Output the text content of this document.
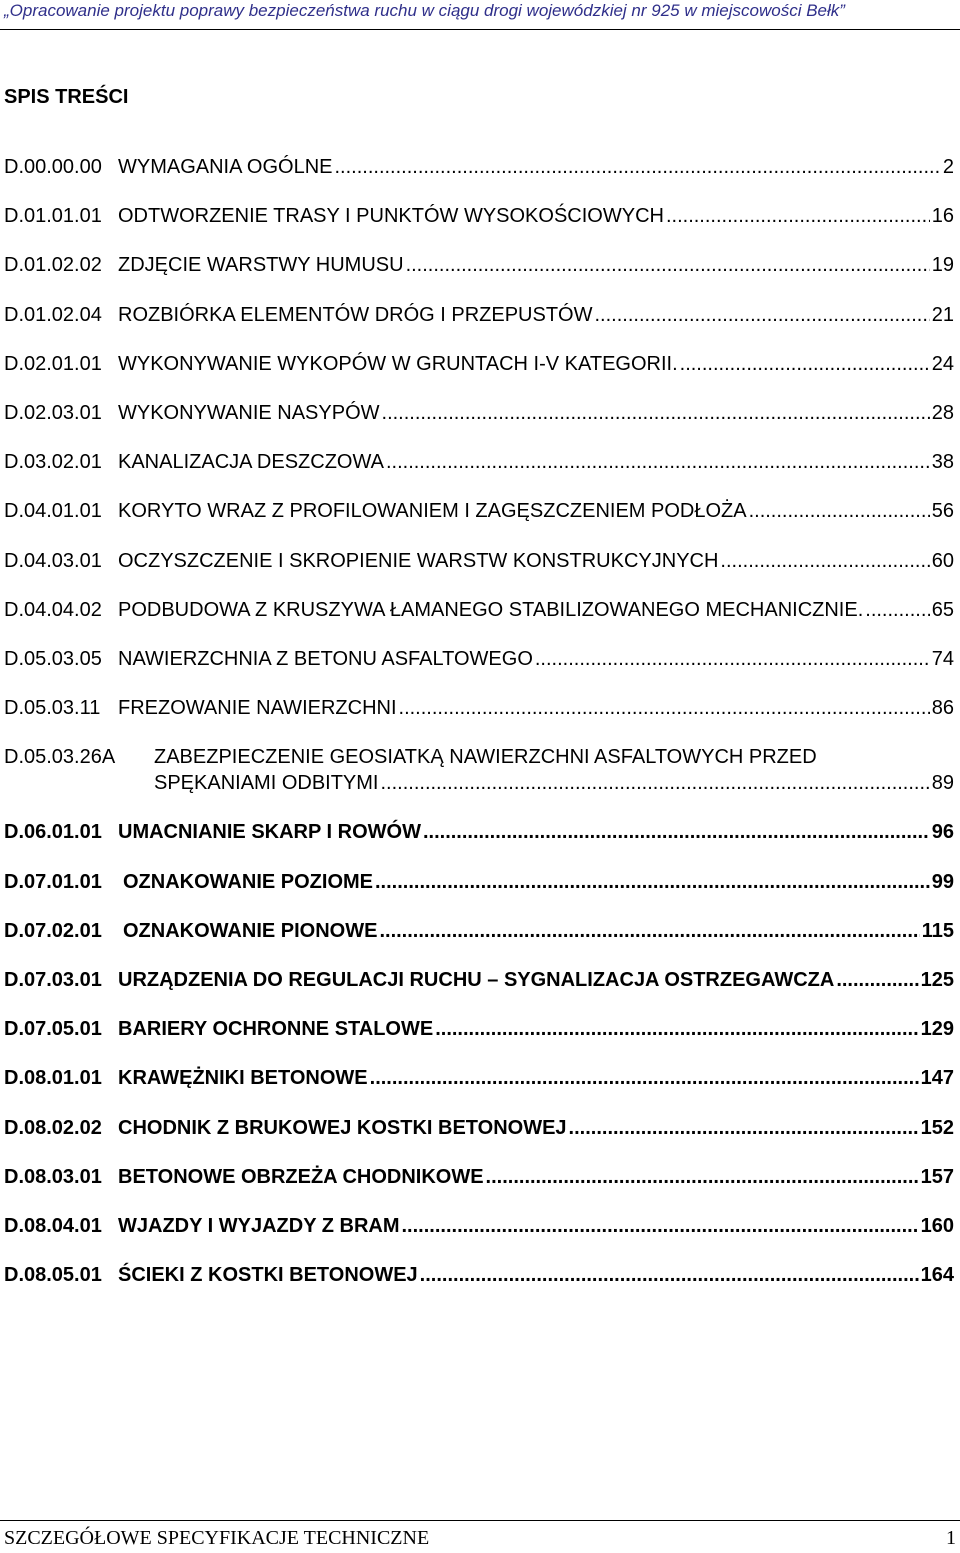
„Opracowanie projektu poprawy bezpieczeństwa ruchu w ciągu drogi wojewódzkiej nr 925 w miejscowości Bełk”
SPIS TREŚCI
D.00.00.00 WYMAGANIA OGÓLNE .....	2
D.01.01.01 ODTWORZENIE TRASY I PUNKTÓW WYSOKOŚCIOWYCH .....	16
D.01.02.02 ZDJĘCIE WARSTWY HUMUSU .....	19
D.01.02.04 ROZBIÓRKA ELEMENTÓW DRÓG I PRZEPUSTÓW .....	21
D.02.01.01 WYKONYWANIE WYKOPÓW W GRUNTACH I-V KATEGORII. .....	24
D.02.03.01 WYKONYWANIE NASYPÓW .....	28
D.03.02.01 KANALIZACJA DESZCZOWA .....	38
D.04.01.01 KORYTO WRAZ Z PROFILOWANIEM I ZAGĘSZCZENIEM PODŁOŻA .....	56
D.04.03.01 OCZYSZCZENIE I SKROPIENIE WARSTW KONSTRUKCYJNYCH .....	60
D.04.04.02 PODBUDOWA Z KRUSZYWA ŁAMANEGO STABILIZOWANEGO MECHANICZNIE. .....	65
D.05.03.05 NAWIERZCHNIA Z BETONU ASFALTOWEGO .....	74
D.05.03.11 FREZOWANIE NAWIERZCHNI .....	86
D.05.03.26A	ZABEZPIECZENIE GEOSIATKĄ NAWIERZCHNI ASFALTOWYCH PRZED
SPĘKANIAMI ODBITYMI .....	89
D.06.01.01 UMACNIANIE SKARP I ROWÓW .....	96
D.07.01.01	OZNAKOWANIE POZIOME .....	99
D.07.02.01	OZNAKOWANIE PIONOWE .....	115
D.07.03.01 URZĄDZENIA DO REGULACJI RUCHU – SYGNALIZACJA OSTRZEGAWCZA .....	125
D.07.05.01 BARIERY OCHRONNE STALOWE .....	129
D.08.01.01 KRAWĘŻNIKI BETONOWE .....	147
D.08.02.02 CHODNIK Z BRUKOWEJ KOSTKI BETONOWEJ .....	152
D.08.03.01 BETONOWE OBRZEŻA CHODNIKOWE .....	157
D.08.04.01 WJAZDY I WYJAZDY Z BRAM .....	160
D.08.05.01 ŚCIEKI Z KOSTKI BETONOWEJ .....	164
SZCZEGÓŁOWE SPECYFIKACJE TECHNICZNE	1
